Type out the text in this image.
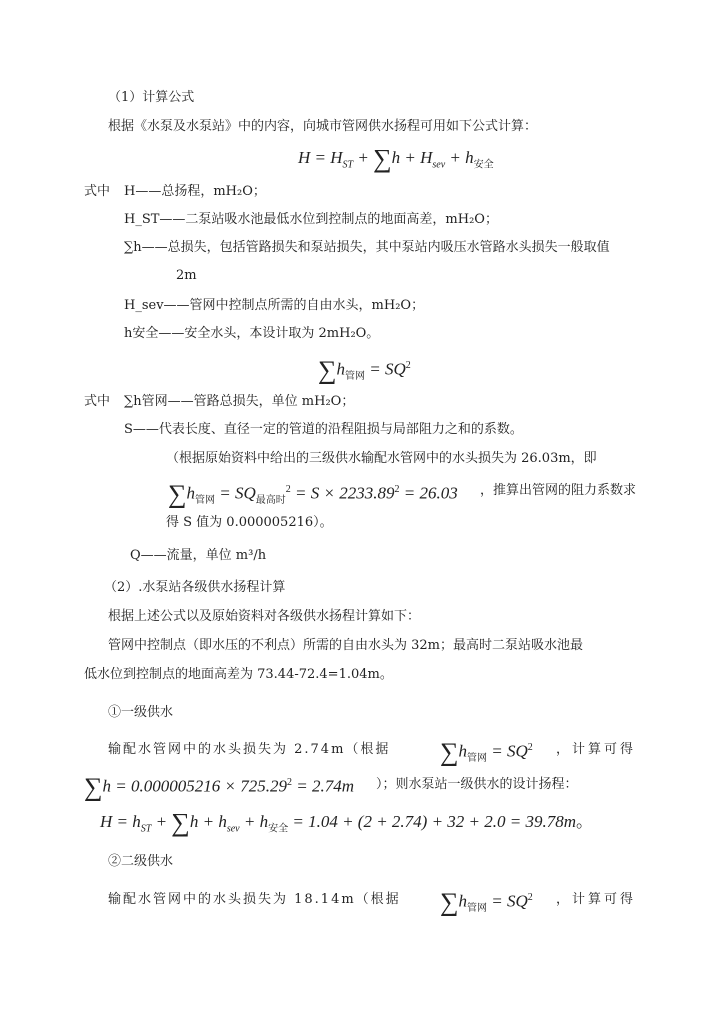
（1）计算公式
根据《水泵及水泵站》中的内容，向城市管网供水扬程可用如下公式计算：
$H = H_{ST} + \sum h + H_{sev} + h_{安全}$
式中 H——总扬程，mH₂O；
H_ST——二泵站吸水池最低水位到控制点的地面高差，mH₂O；
∑h——总损失，包括管路损失和泵站损失，其中泵站内吸压水管路水头损失一般取值
2m
H_sev——管网中控制点所需的自由水头，mH₂O；
h安全——安全水头，本设计取为 2mH₂O。
$\sum h_{管网} = SQ^2$
式中 ∑h管网——管路总损失，单位 mH₂O；
S——代表长度、直径一定的管道的沿程阻损与局部阻力之和的系数。
（根据原始资料中给出的三级供水输配水管网中的水头损失为 26.03m，即
$\sum h_{管网} = SQ_{最高时}^2 = S \times 2233.89^2 = 26.03$ ，推算出管网的阻力系数求
得 S 值为 0.000005216）。
Q——流量，单位 m³/h
（2）.水泵站各级供水扬程计算
根据上述公式以及原始资料对各级供水扬程计算如下：
管网中控制点（即水压的不利点）所需的自由水头为 32m；最高时二泵站吸水池最
低水位到控制点的地面高差为 73.44-72.4=1.04m。
①一级供水
输配水管网中的水头损失为 2.74m（根据 $\sum h_{管网} = SQ^2$ ，计算可得
$\sum h = 0.000005216 \times 725.29^2 = 2.74m$ ）；则水泵站一级供水的设计扬程：
$H = h_{ST} + \sum h + h_{sev} + h_{安全} = 1.04 + (2 + 2.74) + 32 + 2.0 = 39.78m$。
②二级供水
输配水管网中的水头损失为 18.14m（根据 $\sum h_{管网} = SQ^2$ ，计算可得
